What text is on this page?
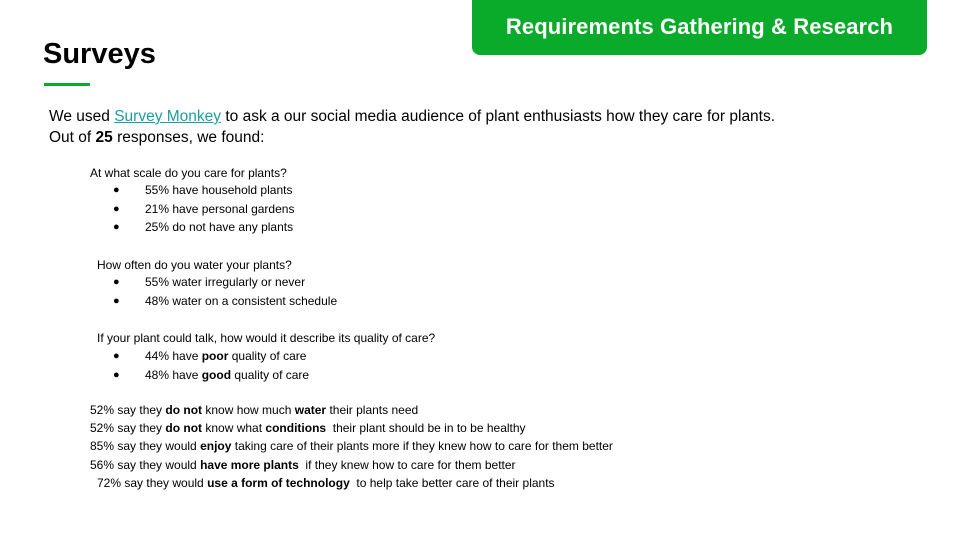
Requirements Gathering & Research
Surveys
We used Survey Monkey to ask a our social media audience of plant enthusiasts how they care for plants.
Out of 25 responses, we found:
At what scale do you care for plants?
●	55% have household plants
●	21% have personal gardens
●	25% do not have any plants
How often do you water your plants?
●	55% water irregularly or never
●	48% water on a consistent schedule
If your plant could talk, how would it describe its quality of care?
●	44% have poor quality of care
●	48% have good quality of care
52% say they do not know how much water their plants need
52% say they do not know what conditions  their plant should be in to be healthy
85% say they would enjoy taking care of their plants more if they knew how to care for them better
56% say they would have more plants  if they knew how to care for them better
72% say they would use a form of technology  to help take better care of their plants
